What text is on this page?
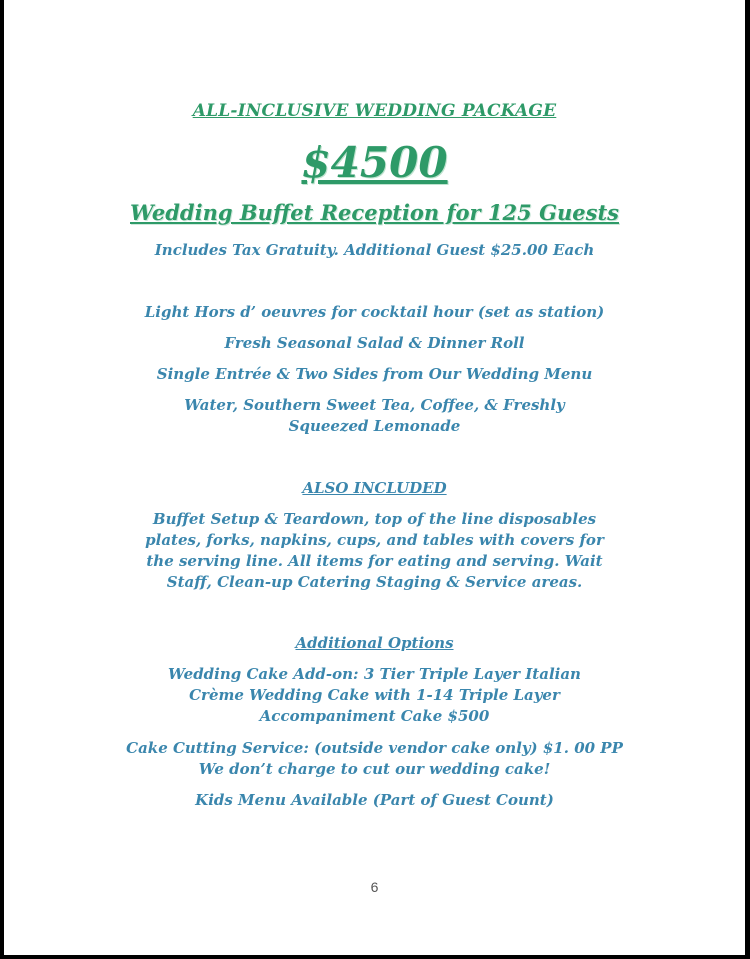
ALL-INCLUSIVE WEDDING PACKAGE
$4500
Wedding Buffet Reception for 125 Guests
Includes Tax Gratuity. Additional Guest $25.00 Each
Light Hors d’ oeuvres for cocktail hour (set as station)
Fresh Seasonal Salad & Dinner Roll
Single Entrée & Two Sides from Our Wedding Menu
Water, Southern Sweet Tea, Coffee, & Freshly Squeezed Lemonade
ALSO INCLUDED
Buffet Setup & Teardown, top of the line disposables plates, forks, napkins, cups, and tables with covers for the serving line. All items for eating and serving. Wait Staff, Clean-up Catering Staging & Service areas.
Additional Options
Wedding Cake Add-on: 3 Tier Triple Layer Italian Crème Wedding Cake with 1-14 Triple Layer Accompaniment Cake $500
Cake Cutting Service: (outside vendor cake only) $1. 00 PP
We don’t charge to cut our wedding cake!
Kids Menu Available (Part of Guest Count)
6
